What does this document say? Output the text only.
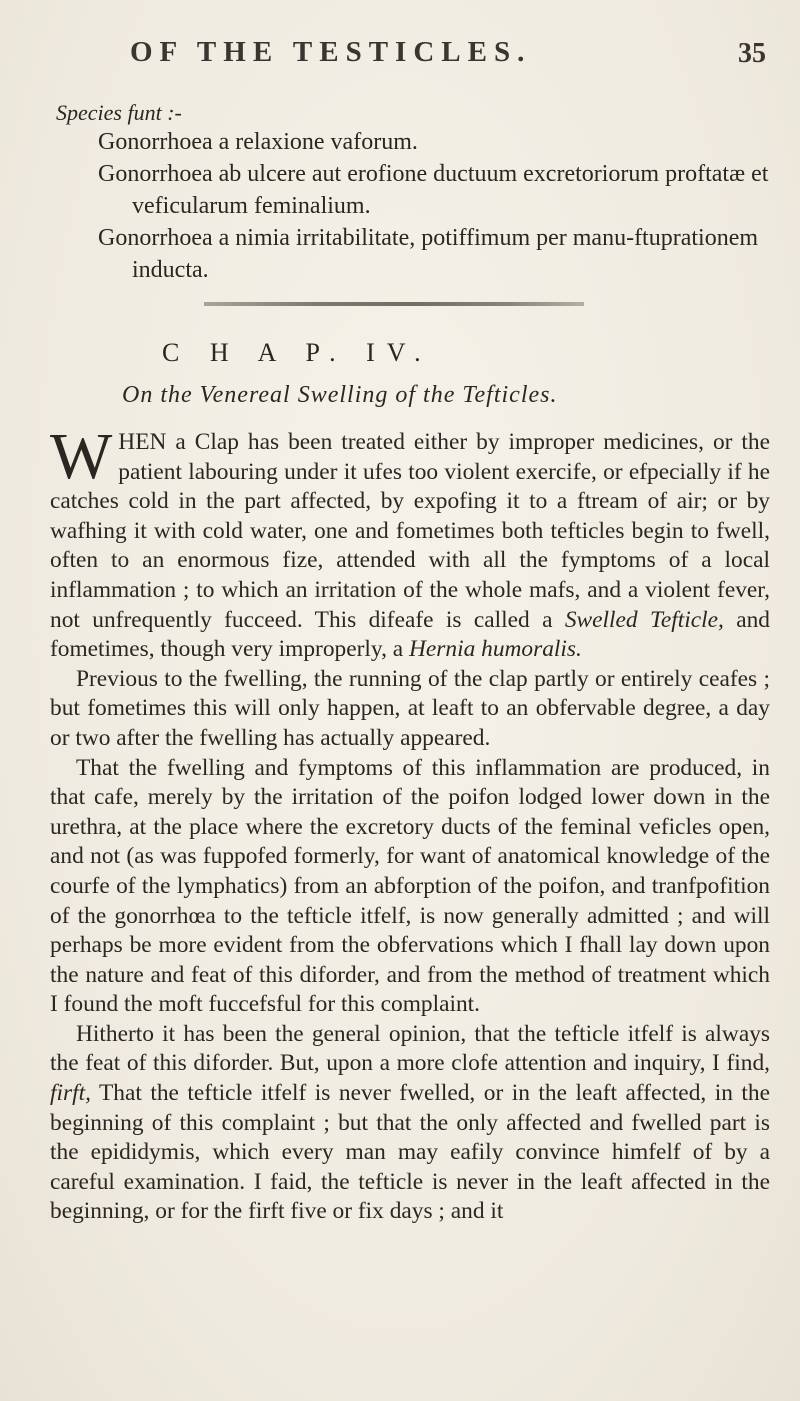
OF THE TESTICLES.	35
Species funt :-
Gonorrhoea a relaxione vaforum.
Gonorrhoea ab ulcere aut erofione ductuum excretoriorum proftatæ et veficularum feminalium.
Gonorrhoea a nimia irritabilitate, potiffimum per manu-ftuprationem inducta.
C H A P. IV.
On the Venereal Swelling of the Tefticles.

WHEN a Clap has been treated either by improper medicines, or the patient labouring under it ufes too violent exercife, or efpecially if he catches cold in the part affected, by expofing it to a ftream of air; or by wafhing it with cold water, one and fometimes both tefticles begin to fwell, often to an enormous fize, attended with all the fymptoms of a local inflammation ; to which an irritation of the whole mafs, and a violent fever, not unfrequently fucceed. This difeafe is called a Swelled Tefticle, and fometimes, though very improperly, a Hernia humoralis.

Previous to the fwelling, the running of the clap partly or entirely ceafes ; but fometimes this will only happen, at leaft to an obfervable degree, a day or two after the fwelling has actually appeared.

That the fwelling and fymptoms of this inflammation are produced, in that cafe, merely by the irritation of the poifon lodged lower down in the urethra, at the place where the excretory ducts of the feminal veficles open, and not (as was fuppofed formerly, for want of anatomical knowledge of the courfe of the lymphatics) from an abforption of the poifon, and tranfpofition of the gonorrhœa to the tefticle itfelf, is now generally admitted ; and will perhaps be more evident from the obfervations which I fhall lay down upon the nature and feat of this diforder, and from the method of treatment which I found the moft fuccefsful for this complaint.

Hitherto it has been the general opinion, that the tefticle itfelf is always the feat of this diforder. But, upon a more clofe attention and inquiry, I find, firft, That the tefticle itfelf is never fwelled, or in the leaft affected, in the beginning of this complaint ; but that the only affected and fwelled part is the epididymis, which every man may eafily convince himfelf of by a careful examination. I faid, the tefticle is never in the leaft affected in the beginning, or for the firft five or fix days ; and it
